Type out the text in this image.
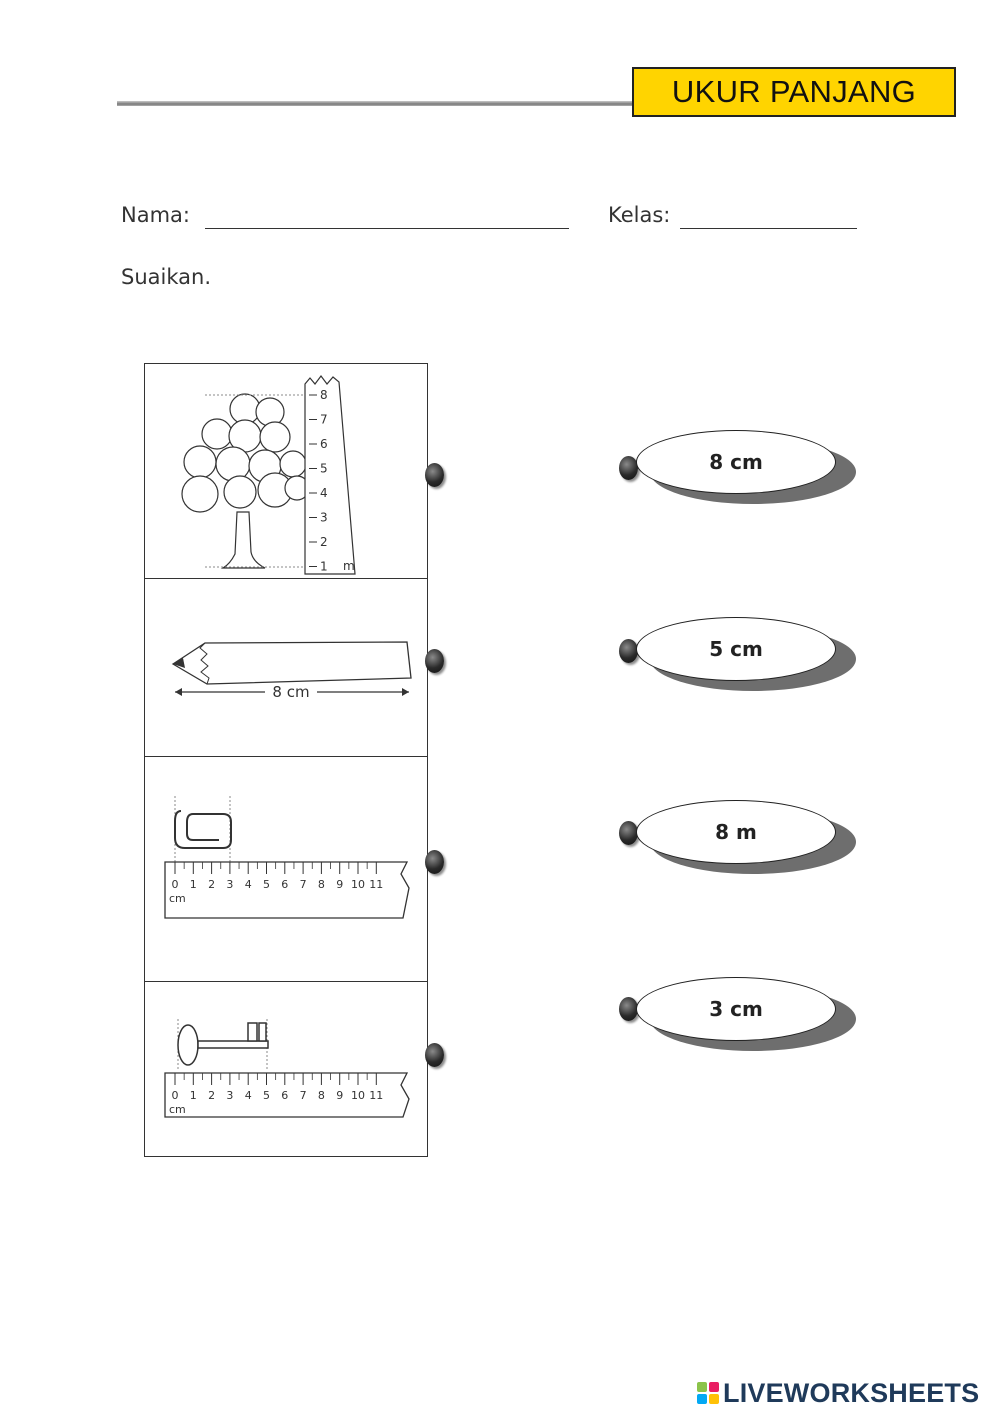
UKUR PANJANG
Nama:	Kelas:
Suaikan.
8
7
6
5
4
3
2
1 m
8 cm
0 1 2 3 4 5 6 7 8 9 10 11
cm
0 1 2 3 4 5 6 7 8 9 10 11
cm
8 cm
5 cm
8 m
3 cm
LIVEWORKSHEETS
